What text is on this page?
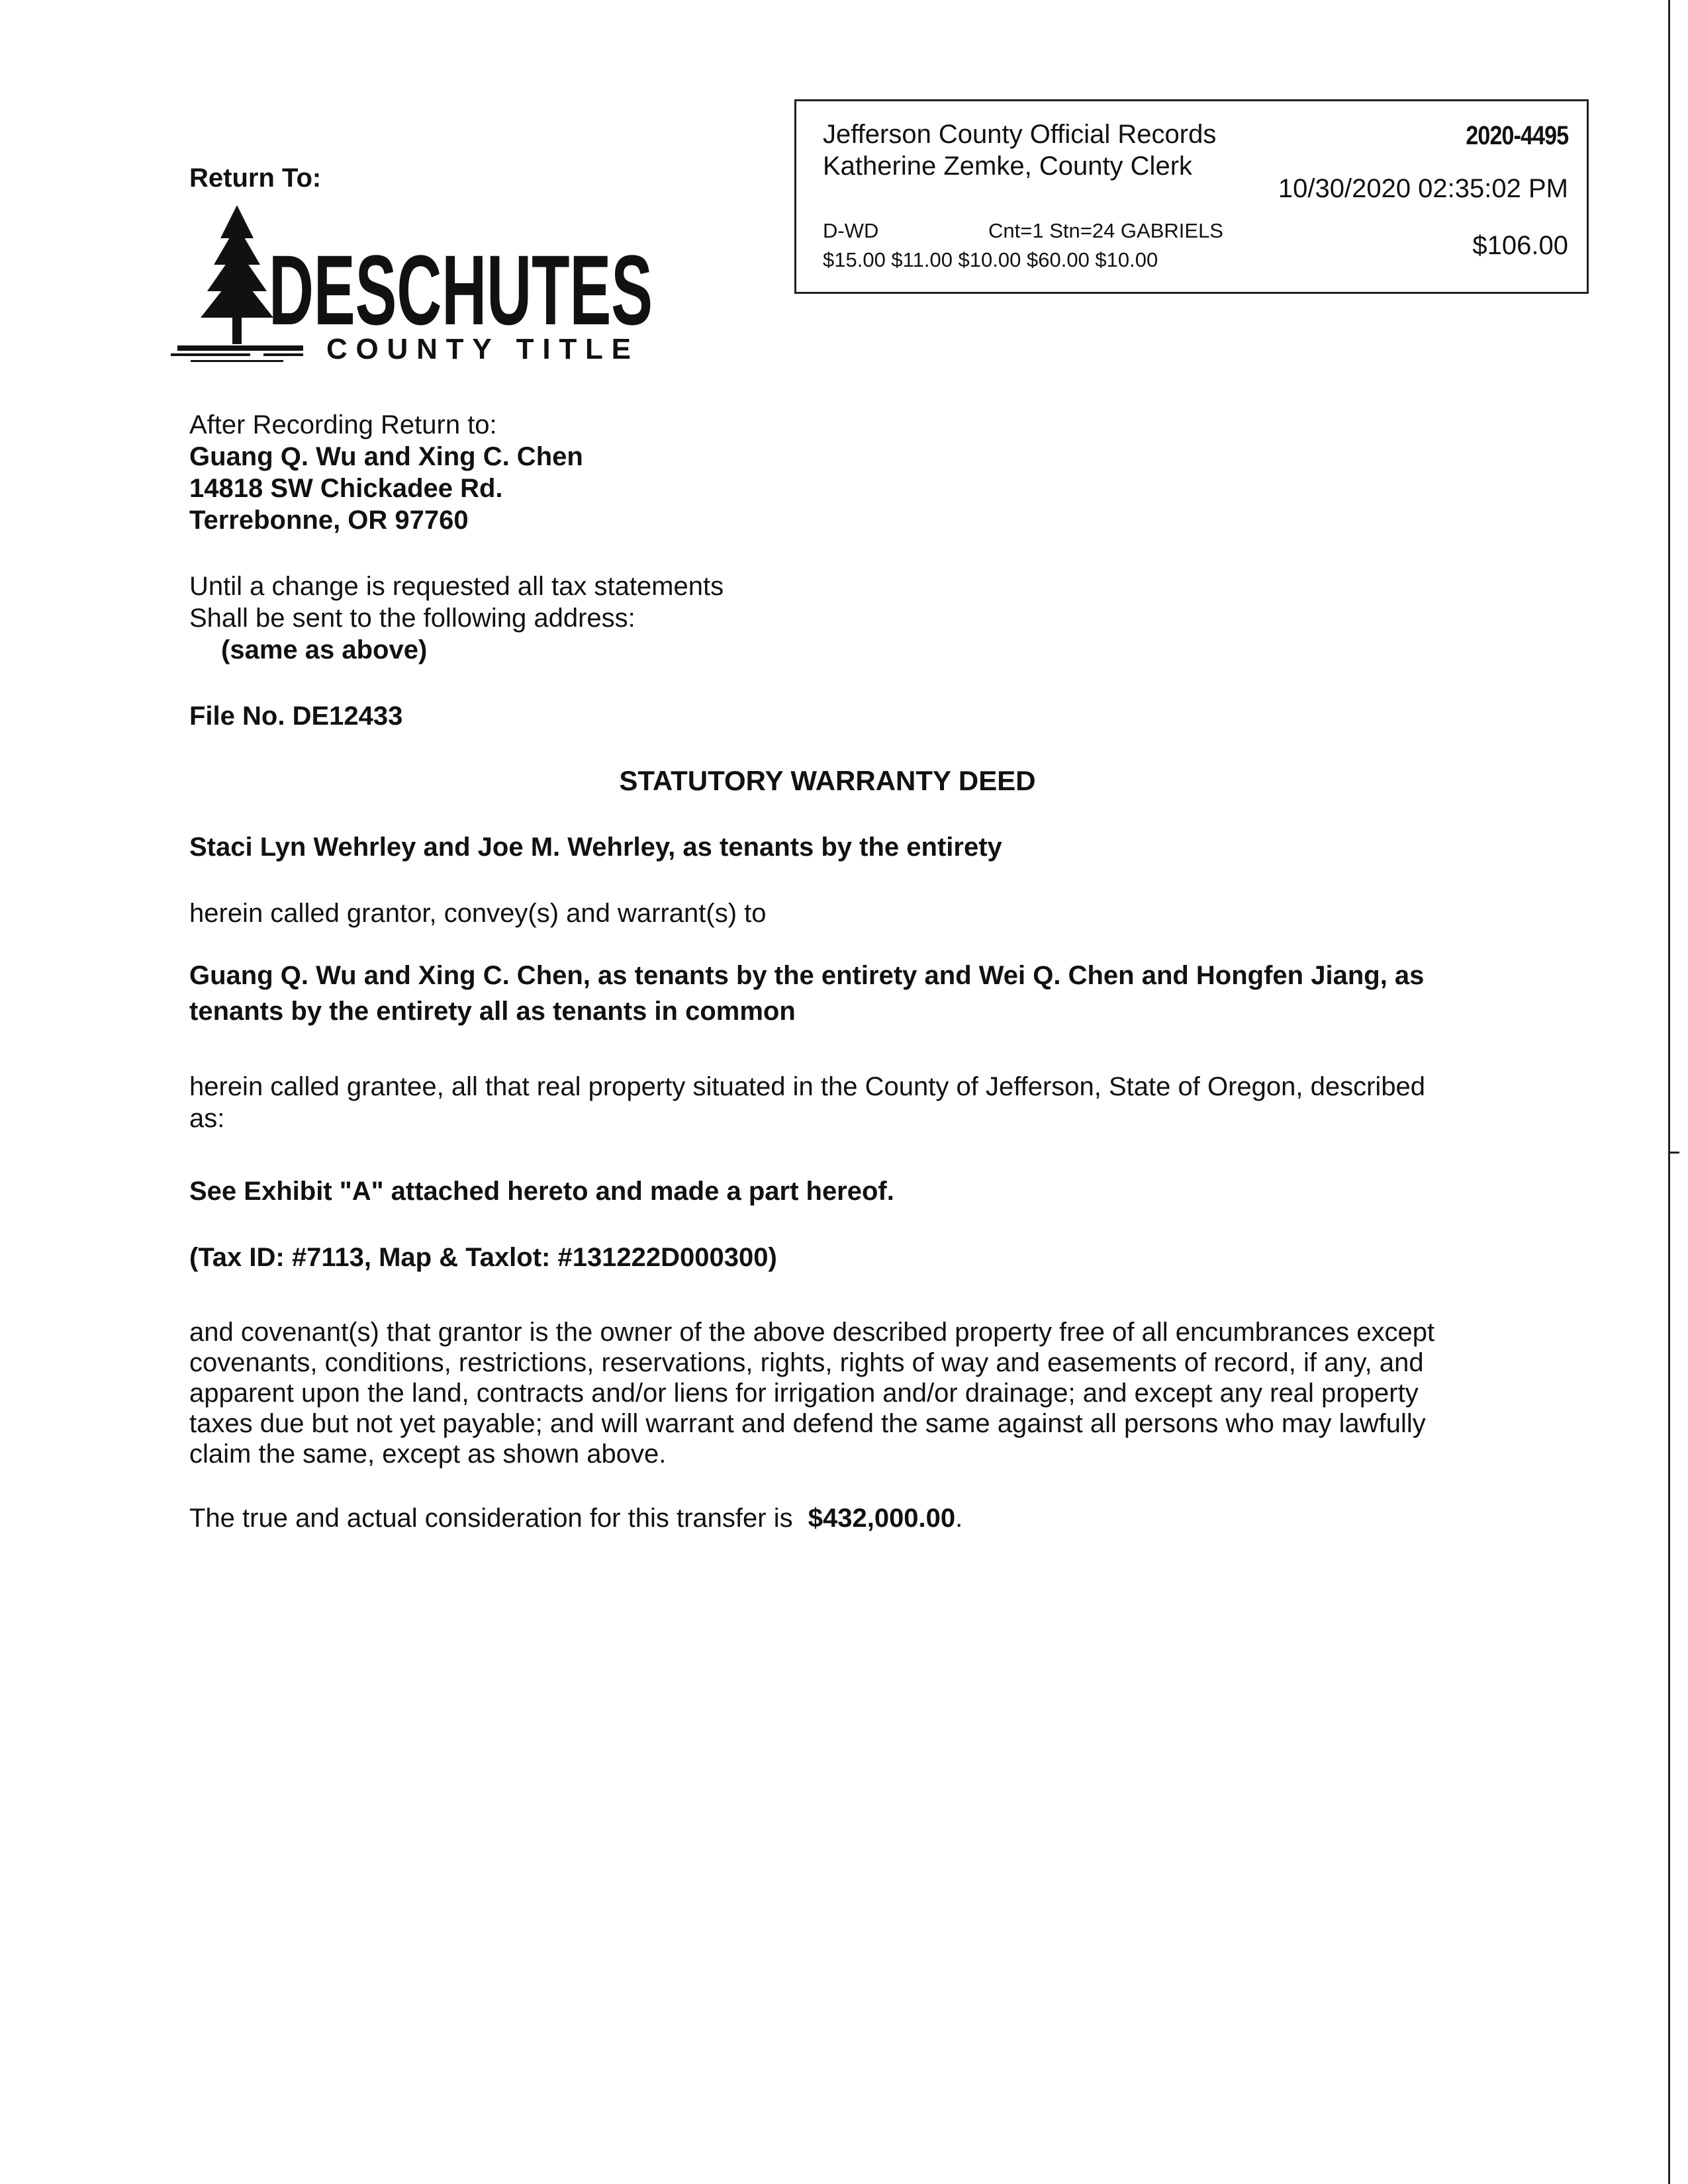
Return To:
DESCHUTES
COUNTY TITLE
Jefferson County Official Records
Katherine Zemke, County Clerk
2020-4495
10/30/2020 02:35:02 PM
D-WD	Cnt=1 Stn=24 GABRIELS
$15.00 $11.00 $10.00 $60.00 $10.00	$106.00
After Recording Return to:
Guang Q. Wu and Xing C. Chen
14818 SW Chickadee Rd.
Terrebonne, OR 97760
Until a change is requested all tax statements
Shall be sent to the following address:
(same as above)
File No. DE12433
STATUTORY WARRANTY DEED
Staci Lyn Wehrley and Joe M. Wehrley, as tenants by the entirety
herein called grantor, convey(s) and warrant(s) to
Guang Q. Wu and Xing C. Chen, as tenants by the entirety and Wei Q. Chen and Hongfen Jiang, as
tenants by the entirety all as tenants in common
herein called grantee, all that real property situated in the County of Jefferson, State of Oregon, described
as:
See Exhibit "A" attached hereto and made a part hereof.
(Tax ID: #7113, Map & Taxlot: #131222D000300)
and covenant(s) that grantor is the owner of the above described property free of all encumbrances except
covenants, conditions, restrictions, reservations, rights, rights of way and easements of record, if any, and
apparent upon the land, contracts and/or liens for irrigation and/or drainage; and except any real property
taxes due but not yet payable; and will warrant and defend the same against all persons who may lawfully
claim the same, except as shown above.
The true and actual consideration for this transfer is $432,000.00.
